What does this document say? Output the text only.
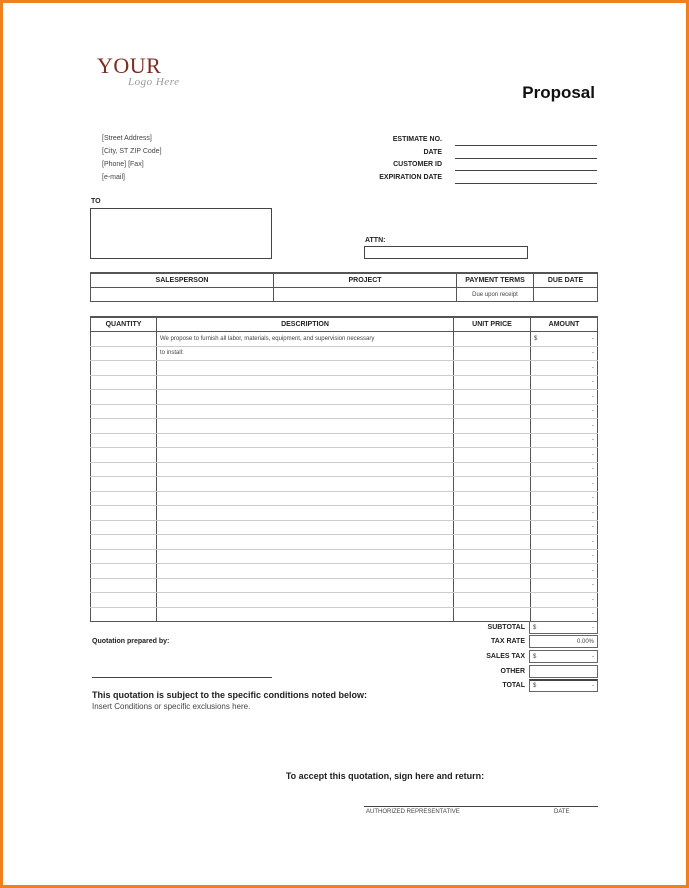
YOUR
Logo Here
Proposal
[Street Address]
[City, ST ZIP Code]
[Phone] [Fax]
[e-mail]
ESTIMATE NO.
DATE
CUSTOMER ID
EXPIRATION DATE
TO
ATTN:
SALESPERSON	PROJECT	PAYMENT TERMS	DUE DATE
		Due upon receipt	
QUANTITY	DESCRIPTION	UNIT PRICE	AMOUNT
	We propose to furnish all labor, materials, equipment, and supervision necessary		$ -

	to install:		-

			-

			-

			-

			-

			-

			-

			-

			-

			-

			-

			-

			-

			-

			-

			-

			-

			-

			-
SUBTOTAL $	-
TAX RATE	0.00%
SALES TAX $	-
OTHER
TOTAL $	-
Quotation prepared by:
This quotation is subject to the specific conditions noted below:
Insert Conditions or specific exclusions here.
To accept this quotation, sign here and return:
AUTHORIZED REPRESENTATIVE	DATE
